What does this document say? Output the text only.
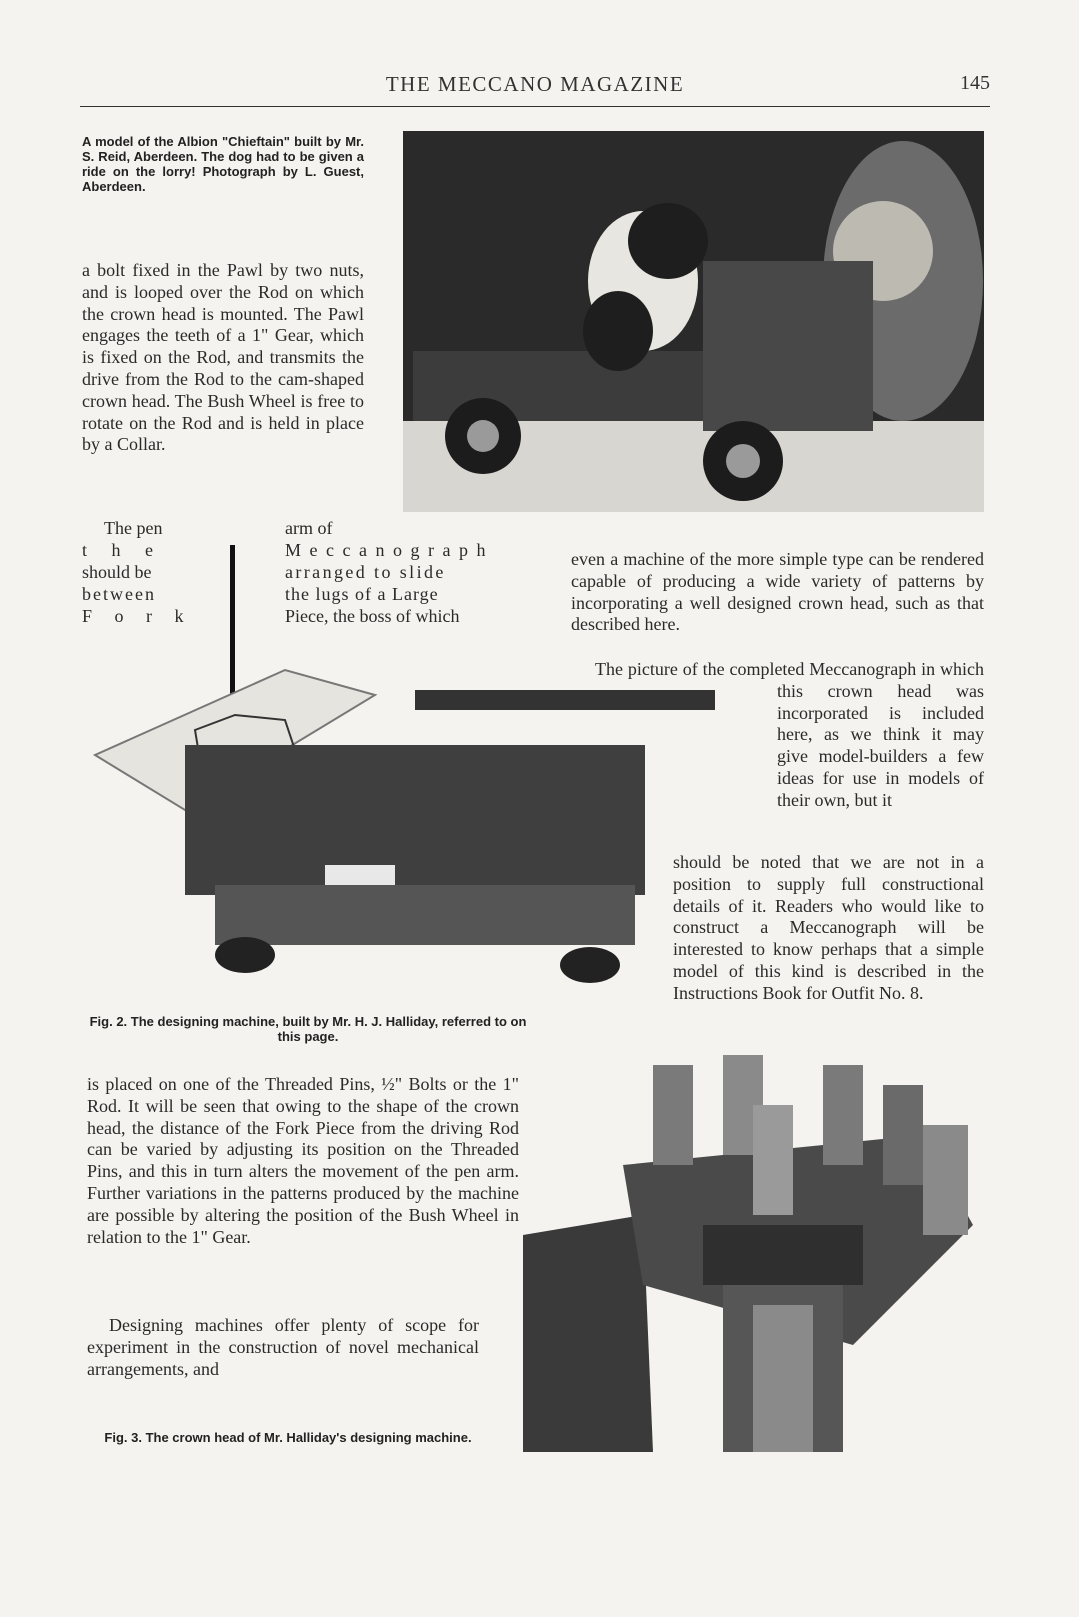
THE MECCANO MAGAZINE	145
A model of the Albion "Chieftain" built by Mr. S. Reid, Aberdeen. The dog had to be given a ride on the lorry! Photograph by L. Guest, Aberdeen.
a bolt fixed in the Pawl by two nuts, and is looped over the Rod on which the crown head is mounted. The Pawl engages the teeth of a 1" Gear, which is fixed on the Rod, and transmits the drive from the Rod to the cam-shaped crown head. The Bush Wheel is free to rotate on the Rod and is held in place by a Collar.
The pen	arm of
t h e
should be
between
F o r k
M e c c a n o g r a p h
arranged to slide
the lugs of a Large
Piece, the boss of which
even a machine of the more simple type can be rendered capable of producing a wide variety of patterns by incorporating a well designed crown head, such as that described here.
The picture of the completed Meccanograph in which this crown head was incorporated is included here, as we think it may give model-builders a few ideas for use in models of their own, but it
should be noted that we are not in a position to supply full constructional details of it. Readers who would like to construct a Meccanograph will be interested to know perhaps that a simple model of this kind is described in the Instructions Book for Outfit No. 8.
Fig. 2. The designing machine, built by Mr. H. J. Halliday, referred to on this page.
is placed on one of the Threaded Pins, ½" Bolts or the 1" Rod. It will be seen that owing to the shape of the crown head, the distance of the Fork Piece from the driving Rod can be varied by adjusting its position on the Threaded Pins, and this in turn alters the movement of the pen arm. Further variations in the patterns produced by the machine are possible by altering the position of the Bush Wheel in relation to the 1" Gear.
Designing machines offer plenty of scope for experiment in the construction of novel mechanical arrangements, and
Fig. 3. The crown head of Mr. Halliday's designing machine.
